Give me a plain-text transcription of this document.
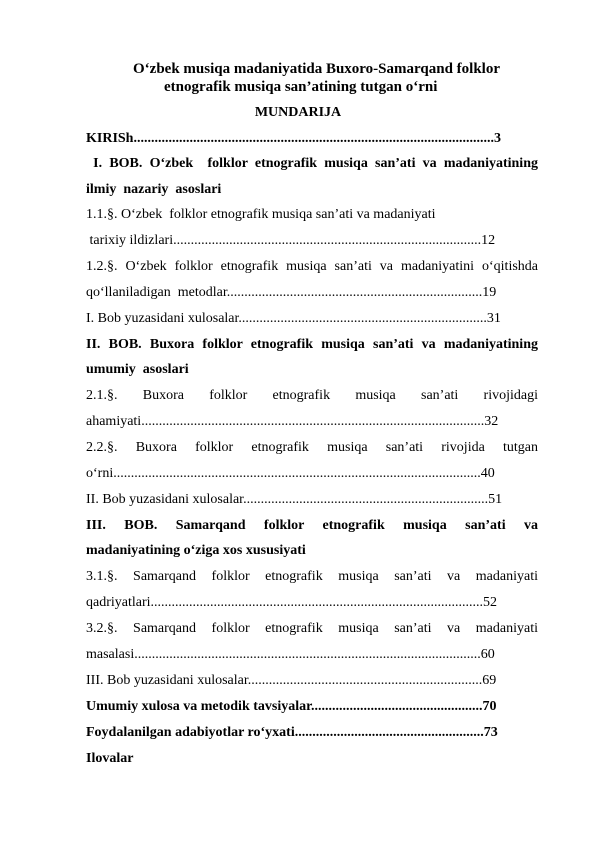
O‘zbek musiqa madaniyatida Buxoro-Samarqand folklor
etnografik musiqa san’atining tutgan o‘rni
MUNDARIJA
KIRISh.......................................................................................................3
I. BOB. O‘zbek  folklor etnografik musiqa san’ati va madaniyatining
ilmiy  nazariy  asoslari
1.1.§. O‘zbek  folklor etnografik musiqa san’ati va madaniyati
tarixiy ildizlari........................................................................................12
1.2.§. O‘zbek folklor etnografik musiqa san’ati va madaniyatini o‘qitishda
qo‘llaniladigan  metodlar.........................................................................19
I. Bob yuzasidani xulosalar.......................................................................31
II. BOB. Buxora folklor etnografik musiqa san’ati va madaniyatining
umumiy  asoslari
2.1.§. Buxora folklor etnografik musiqa san’ati rivojidagi
ahamiyati..................................................................................................32
2.2.§. Buxora folklor etnografik musiqa san’ati rivojida tutgan
o‘rni.........................................................................................................40
II. Bob yuzasidani xulosalar......................................................................51
III. BOB. Samarqand folklor etnografik musiqa san’ati va
madaniyatining o‘ziga xos xususiyati
3.1.§. Samarqand folklor etnografik musiqa san’ati va madaniyati
qadriyatlari...............................................................................................52
3.2.§. Samarqand folklor etnografik musiqa san’ati va madaniyati
masalasi...................................................................................................60
III. Bob yuzasidani xulosalar...................................................................69
Umumiy xulosa va metodik tavsiyalar.................................................70
Foydalanilgan adabiyotlar ro‘yxati......................................................73
Ilovalar
